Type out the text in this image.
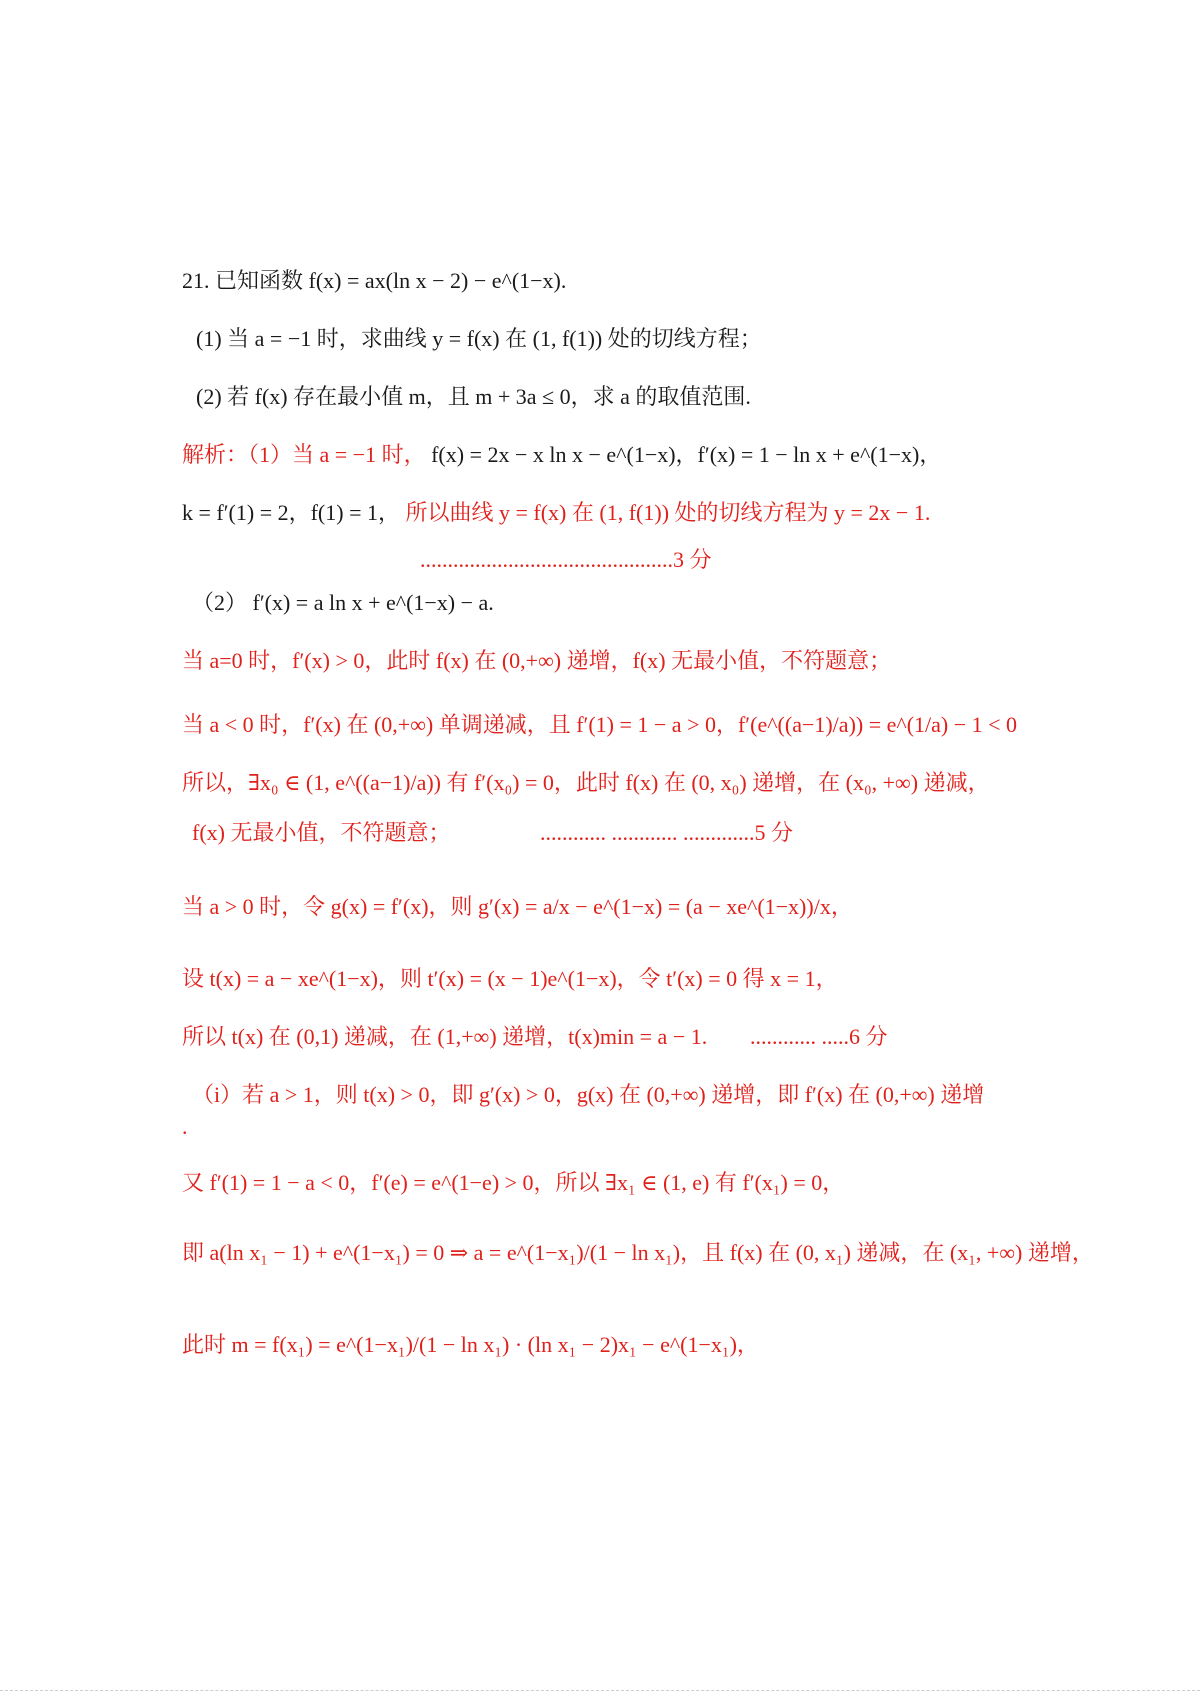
21. 已知函数 f(x) = ax(ln x − 2) − e^(1−x).
(1) 当 a = −1 时，求曲线 y = f(x) 在 (1, f(1)) 处的切线方程；
(2) 若 f(x) 存在最小值 m，且 m + 3a ≤ 0，求 a 的取值范围.
解析：（1）当 a = −1 时， f(x) = 2x − x ln x − e^(1−x)，f′(x) = 1 − ln x + e^(1−x)，
k = f′(1) = 2，f(1) = 1， 所以曲线 y = f(x) 在 (1, f(1)) 处的切线方程为 y = 2x − 1.
..............................................3 分
（2） f′(x) = a ln x + e^(1−x) − a.
当 a=0 时，f′(x) > 0，此时 f(x) 在 (0,+∞) 递增，f(x) 无最小值，不符题意；
当 a < 0 时，f′(x) 在 (0,+∞) 单调递减，且 f′(1) = 1 − a > 0，f′(e^((a−1)/a)) = e^(1/a) − 1 < 0
所以，∃x₀ ∈ (1, e^((a−1)/a)) 有 f′(x₀) = 0，此时 f(x) 在 (0, x₀) 递增，在 (x₀, +∞) 递减，
f(x) 无最小值，不符题意；	............ ............ .............5 分
当 a > 0 时，令 g(x) = f′(x)，则 g′(x) = a/x − e^(1−x) = (a − xe^(1−x))/x，
设 t(x) = a − xe^(1−x)，则 t′(x) = (x − 1)e^(1−x)，令 t′(x) = 0 得 x = 1，
所以 t(x) 在 (0,1) 递减，在 (1,+∞) 递增，t(x)min = a − 1. ............ .....6 分
（i）若 a > 1，则 t(x) > 0，即 g′(x) > 0，g(x) 在 (0,+∞) 递增，即 f′(x) 在 (0,+∞) 递增
.
又 f′(1) = 1 − a < 0，f′(e) = e^(1−e) > 0，所以 ∃x₁ ∈ (1, e) 有 f′(x₁) = 0，
即 a(ln x₁ − 1) + e^(1−x₁) = 0 ⇒ a = e^(1−x₁)/(1 − ln x₁)，且 f(x) 在 (0, x₁) 递减，在 (x₁, +∞) 递增，
此时 m = f(x₁) = e^(1−x₁)/(1 − ln x₁) · (ln x₁ − 2)x₁ − e^(1−x₁)，
